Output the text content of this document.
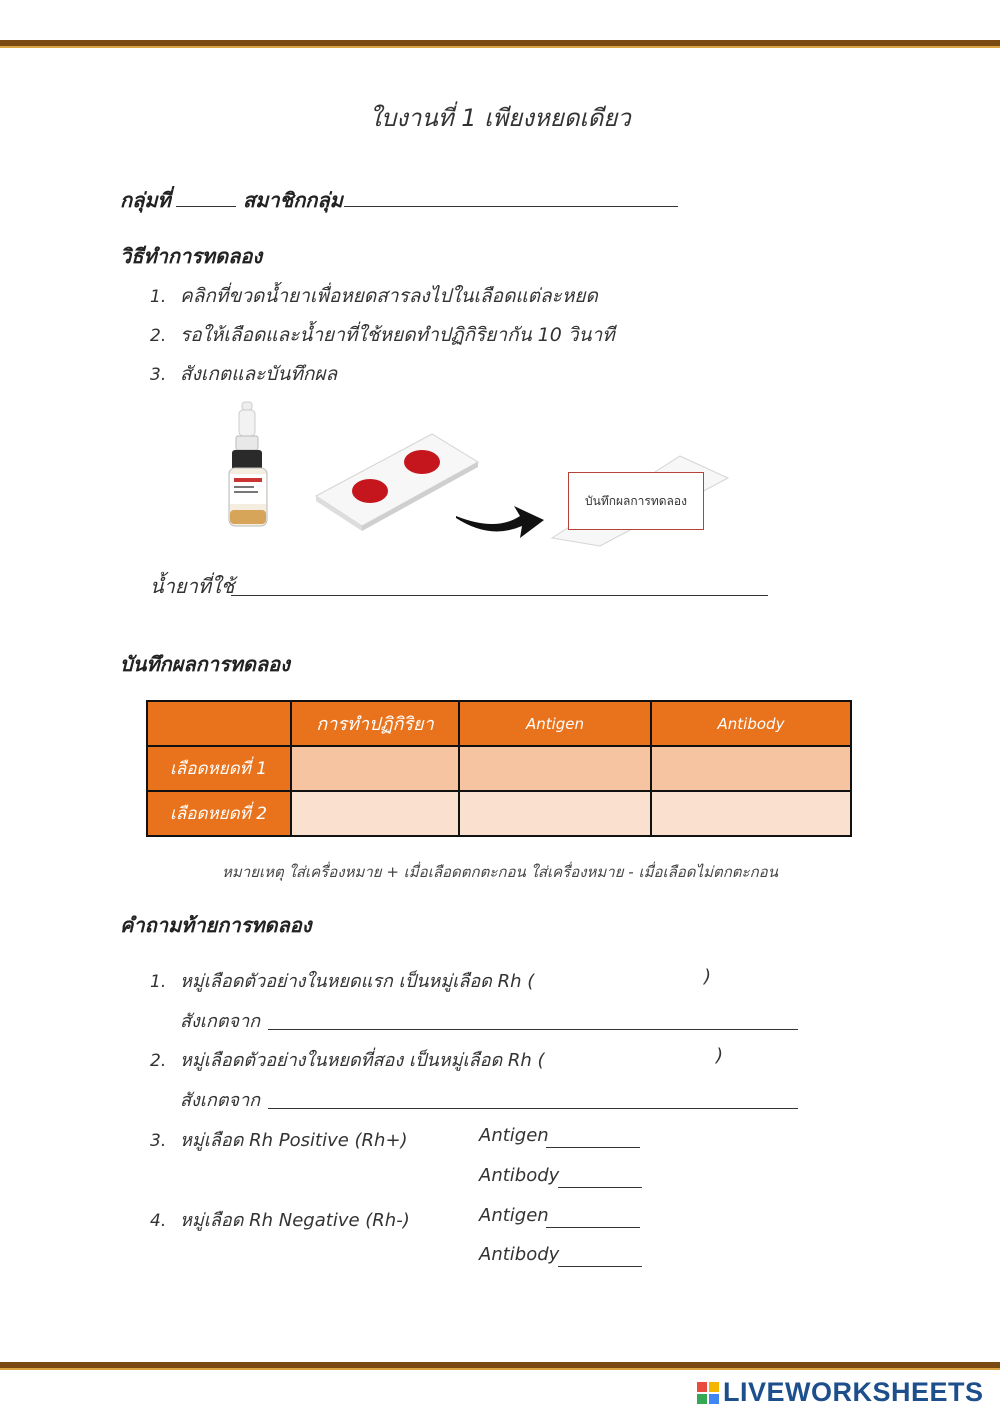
ใบงานที่ 1 เพียงหยดเดียว
กลุ่มที่	สมาชิกกลุ่ม
วิธีทำการทดลอง
1. คลิกที่ขวดน้ำยาเพื่อหยดสารลงไปในเลือดแต่ละหยด
2. รอให้เลือดและน้ำยาที่ใช้หยดทำปฏิกิริยากัน 10 วินาที
3. สังเกตและบันทึกผล
บันทึกผลการทดลอง
น้ำยาที่ใช้
บันทึกผลการทดลอง
	การทำปฏิกิริยา	Antigen	Antibody
เลือดหยดที่ 1			
เลือดหยดที่ 2			
หมายเหตุ ใส่เครื่องหมาย + เมื่อเลือดตกตะกอน ใส่เครื่องหมาย - เมื่อเลือดไม่ตกตะกอน
คำถามท้ายการทดลอง
1. หมู่เลือดตัวอย่างในหยดแรก เป็นหมู่เลือด Rh (	)
สังเกตจาก
2. หมู่เลือดตัวอย่างในหยดที่สอง เป็นหมู่เลือด Rh (	)
สังเกตจาก
3. หมู่เลือด Rh Positive (Rh+)	Antigen
Antibody
4. หมู่เลือด Rh Negative (Rh-)	Antigen
Antibody
LIVEWORKSHEETS
